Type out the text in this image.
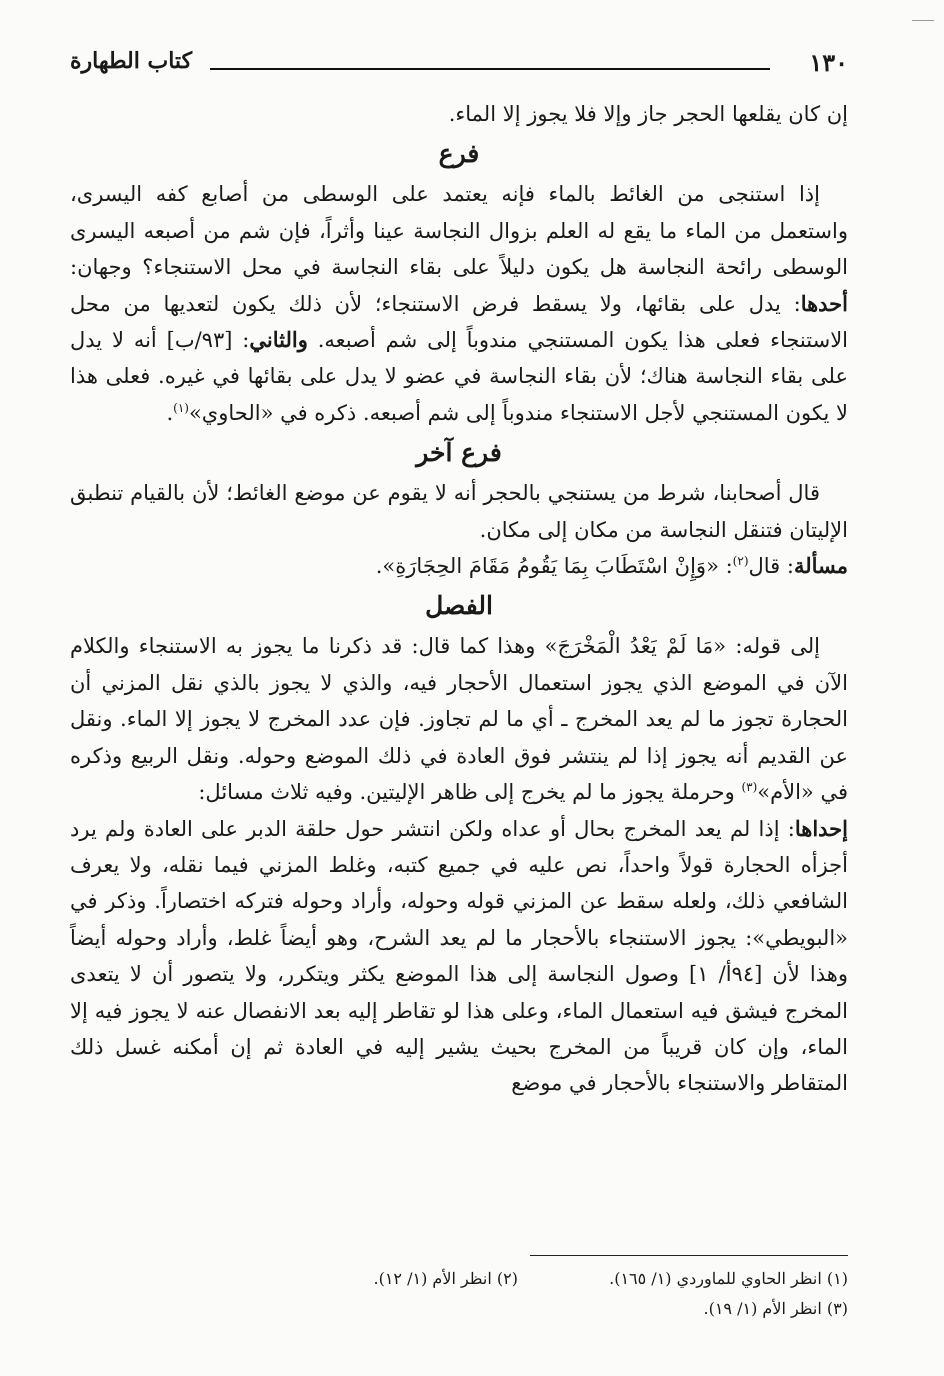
١٣٠
كتاب الطهارة

إن كان يقلعها الحجر جاز وإلا فلا يجوز إلا الماء.

فرع

إذا استنجى من الغائط بالماء فإنه يعتمد على الوسطى من أصابع كفه اليسرى، واستعمل من الماء ما يقع له العلم بزوال النجاسة عينا وأثراً، فإن شم من أصبعه اليسرى الوسطى رائحة النجاسة هل يكون دليلاً على بقاء النجاسة في محل الاستنجاء؟ وجهان: أحدها: يدل على بقائها، ولا يسقط فرض الاستنجاء؛ لأن ذلك يكون لتعديها من محل الاستنجاء فعلى هذا يكون المستنجي مندوباً إلى شم أصبعه. والثاني: [٩٣/ب] أنه لا يدل على بقاء النجاسة هناك؛ لأن بقاء النجاسة في عضو لا يدل على بقائها في غيره. فعلى هذا لا يكون المستنجي لأجل الاستنجاء مندوباً إلى شم أصبعه. ذكره في «الحاوي»$^{(١)}$.

فرع آخر

قال أصحابنا، شرط من يستنجي بالحجر أنه لا يقوم عن موضع الغائط؛ لأن بالقيام تنطبق الإليتان فتنقل النجاسة من مكان إلى مكان.

مسألة: قال$^{(٢)}$: «وَإِنْ اسْتَطَابَ بِمَا يَقُومُ مَقَامَ الحِجَارَةِ».

الفصل

إلى قوله: «مَا لَمْ يَعْدُ الْمَخْرَجَ» وهذا كما قال: قد ذكرنا ما يجوز به الاستنجاء والكلام الآن في الموضع الذي يجوز استعمال الأحجار فيه، والذي لا يجوز بالذي نقل المزني أن الحجارة تجوز ما لم يعد المخرج ـ أي ما لم تجاوز. فإن عدد المخرج لا يجوز إلا الماء. ونقل عن القديم أنه يجوز إذا لم ينتشر فوق العادة في ذلك الموضع وحوله. ونقل الربيع وذكره في «الأم»$^{(٣)}$ وحرملة يجوز ما لم يخرج إلى ظاهر الإليتين. وفيه ثلاث مسائل:

إحداها: إذا لم يعد المخرج بحال أو عداه ولكن انتشر حول حلقة الدبر على العادة ولم يرد أجزأه الحجارة قولاً واحداً، نص عليه في جميع كتبه، وغلط المزني فيما نقله، ولا يعرف الشافعي ذلك، ولعله سقط عن المزني قوله وحوله، وأراد وحوله فتركه اختصاراً. وذكر في «البويطي»: يجوز الاستنجاء بالأحجار ما لم يعد الشرح، وهو أيضاً غلط، وأراد وحوله أيضاً وهذا لأن [٩٤أ/ ١] وصول النجاسة إلى هذا الموضع يكثر ويتكرر، ولا يتصور أن لا يتعدى المخرج فيشق فيه استعمال الماء، وعلى هذا لو تقاطر إليه بعد الانفصال عنه لا يجوز فيه إلا الماء، وإن كان قريباً من المخرج بحيث يشير إليه في العادة ثم إن أمكنه غسل ذلك المتقاطر والاستنجاء بالأحجار في موضع

(١) انظر الحاوي للماوردي (١/ ١٦٥).
(٢) انظر الأم (١/ ١٢).
(٣) انظر الأم (١/ ١٩).
